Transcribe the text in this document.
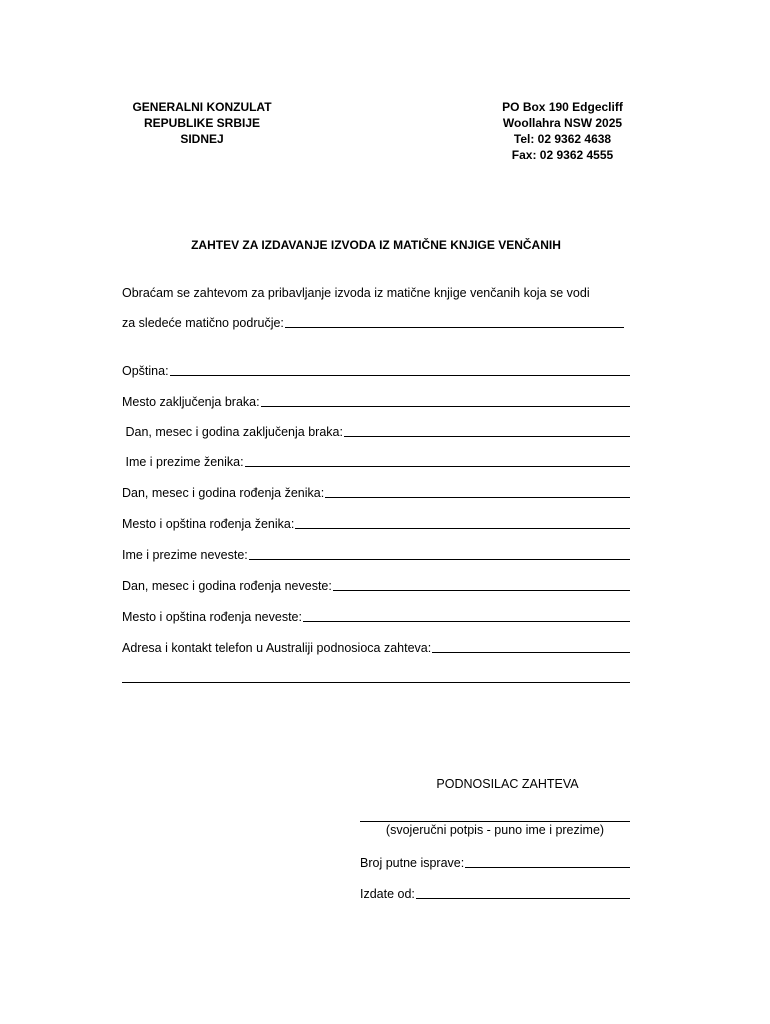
GENERALNI KONZULAT
REPUBLIKE SRBIJE
SIDNEJ
PO Box 190 Edgecliff
Woollahra NSW 2025
Tel: 02 9362 4638
Fax: 02 9362 4555
ZAHTEV ZA IZDAVANJE IZVODA IZ MATIČNE KNJIGE VENČANIH
Obraćam se zahtevom za pribavljanje izvoda iz matične knjige venčanih koja se vodi
za sledeće matično područje:
Opština:
Mesto zaključenja braka:
Dan, mesec i godina zaključenja braka:
Ime i prezime ženika:
Dan, mesec i godina rođenja ženika:
Mesto i opština rođenja ženika:
Ime i prezime neveste:
Dan, mesec i godina rođenja neveste:
Mesto i opština rođenja neveste:
Adresa i kontakt telefon u Australiji podnosioca zahteva:
PODNOSILAC ZAHTEVA
(svojeručni potpis - puno ime i prezime)
Broj putne isprave:
Izdate od:
